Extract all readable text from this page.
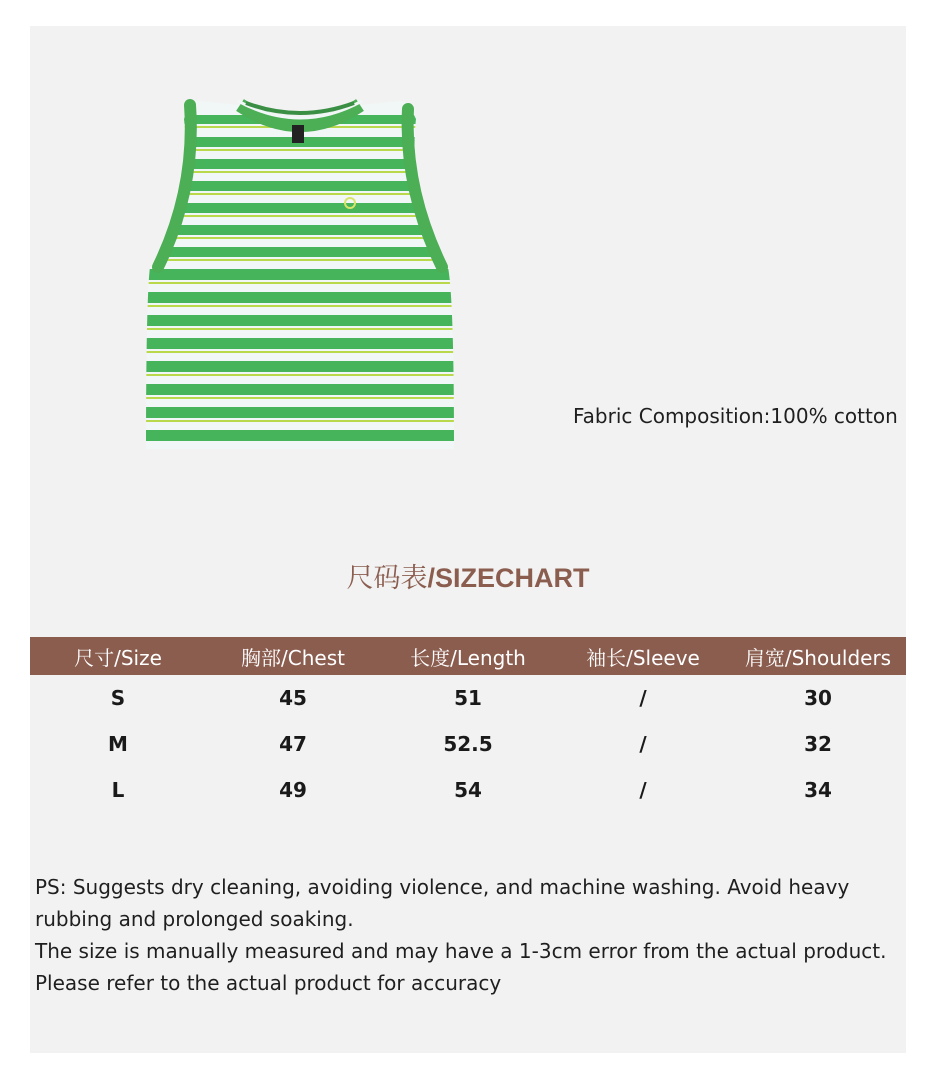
Fabric Composition:100% cotton
尺码表/SIZECHART
尺寸/Size	胸部/Chest	长度/Length	袖长/Sleeve	肩宽/Shoulders
S	45	51	/	30
M	47	52.5	/	32
L	49	54	/	34

PS: Suggests dry cleaning, avoiding violence, and machine washing. Avoid heavy rubbing and prolonged soaking.

The size is manually measured and may have a 1-3cm error from the actual product.

Please refer to the actual product for accuracy
